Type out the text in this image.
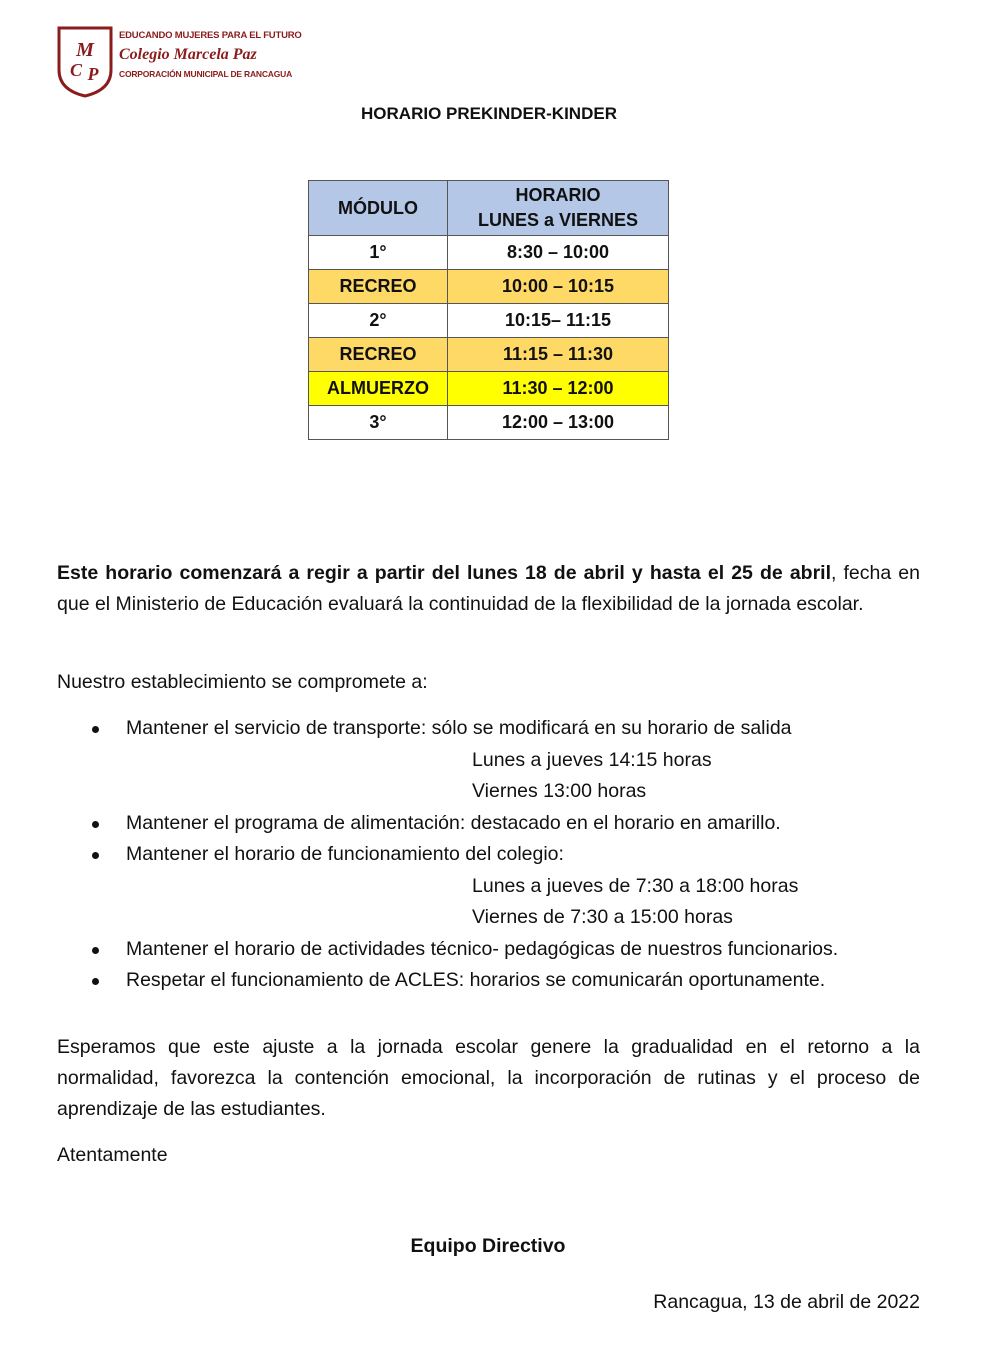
M
C P
EDUCANDO MUJERES PARA EL FUTURO
Colegio Marcela Paz
CORPORACIÓN MUNICIPAL DE RANCAGUA
HORARIO PREKINDER-KINDER
MÓDULO	HORARIO
LUNES a VIERNES

1°	8:30 – 10:00
RECREO	10:00 – 10:15
2°	10:15– 11:15
RECREO	11:15 – 11:30
ALMUERZO	11:30 – 12:00
3°	12:00 – 13:00
Este horario comenzará a regir a partir del lunes 18 de abril y hasta el 25 de abril, fecha en que el Ministerio de Educación evaluará la continuidad de la flexibilidad de la jornada escolar.
Nuestro establecimiento se compromete a:
Mantener el servicio de transporte: sólo se modificará en su horario de salida
Lunes a jueves 14:15 horas
Viernes 13:00 horas
Mantener el programa de alimentación: destacado en el horario en amarillo.
Mantener el horario de funcionamiento del colegio:
Lunes a jueves de 7:30 a 18:00 horas
Viernes de 7:30 a 15:00 horas
Mantener el horario de actividades técnico- pedagógicas de nuestros funcionarios.
Respetar el funcionamiento de ACLES: horarios se comunicarán oportunamente.
Esperamos que este ajuste a la jornada escolar genere la gradualidad en el retorno a la normalidad, favorezca la contención emocional, la incorporación de rutinas y el proceso de aprendizaje de las estudiantes.
Atentamente
Equipo Directivo
Rancagua, 13 de abril de 2022
